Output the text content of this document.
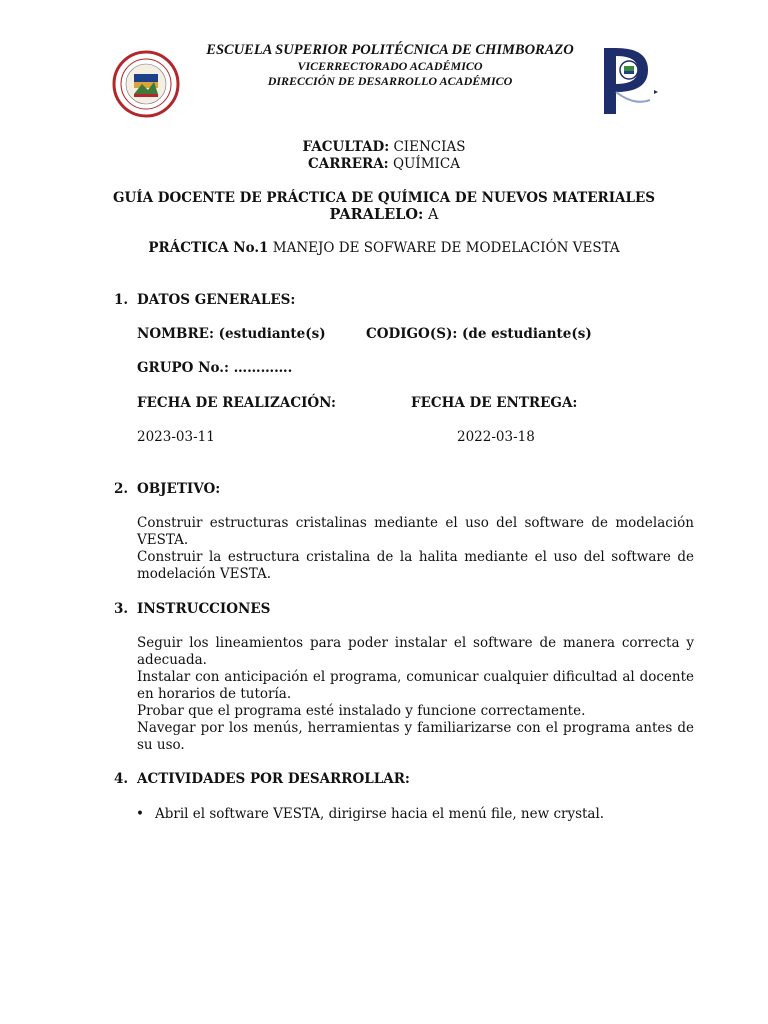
ESCUELA SUPERIOR POLITÉCNICA DE CHIMBORAZO
VICERRECTORADO ACADÉMICO
DIRECCIÓN DE DESARROLLO ACADÉMICO
FACULTAD: CIENCIAS
CARRERA: QUÍMICA
GUÍA DOCENTE DE PRÁCTICA DE QUÍMICA DE NUEVOS MATERIALES
PARALELO: A
PRÁCTICA No.1 MANEJO DE SOFWARE DE MODELACIÓN VESTA
1. DATOS GENERALES:
NOMBRE: (estudiante(s)	CODIGO(S): (de estudiante(s)
GRUPO No.: ………….
FECHA DE REALIZACIÓN:	FECHA DE ENTREGA:
2023-03-11	2022-03-18
2. OBJETIVO:
Construir estructuras cristalinas mediante el uso del software de modelación VESTA.
Construir la estructura cristalina de la halita mediante el uso del software de modelación VESTA.
3. INSTRUCCIONES
Seguir los lineamientos para poder instalar el software de manera correcta y adecuada.
Instalar con anticipación el programa, comunicar cualquier dificultad al docente en horarios de tutoría.
Probar que el programa esté instalado y funcione correctamente.
Navegar por los menús, herramientas y familiarizarse con el programa antes de su uso.
4. ACTIVIDADES POR DESARROLLAR:
• Abril el software VESTA, dirigirse hacia el menú file, new crystal.
